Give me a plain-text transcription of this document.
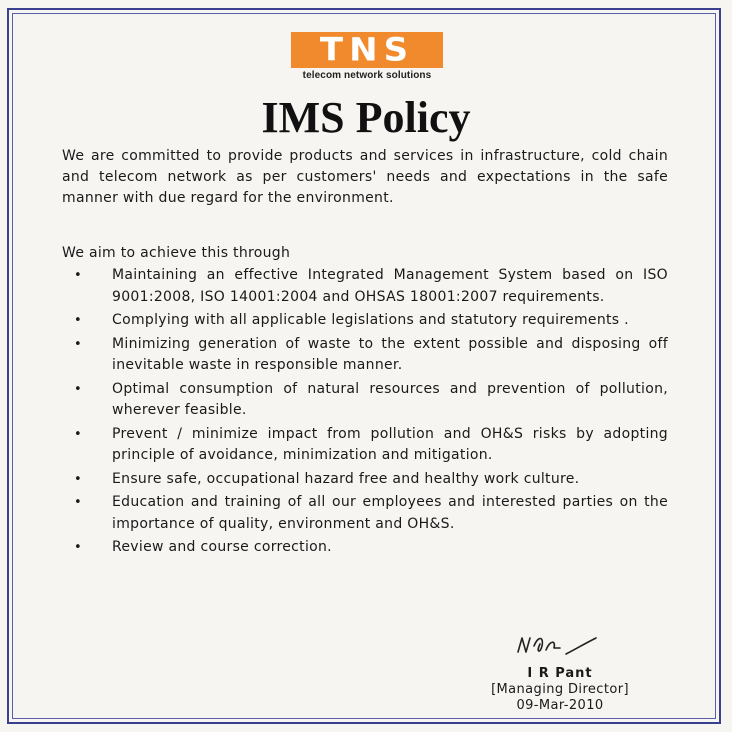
TNS
telecom network solutions
IMS Policy
We are committed to provide products and services in infrastructure, cold chain and telecom network as per customers' needs and expectations in the safe manner with due regard for the environment.
We aim to achieve this through
• Maintaining an effective Integrated Management System based on ISO 9001:2008, ISO 14001:2004 and OHSAS 18001:2007 requirements.
• Complying with all applicable legislations and statutory requirements .
• Minimizing generation of waste to the extent possible and disposing off inevitable waste in responsible manner.
• Optimal consumption of natural resources and prevention of pollution, wherever feasible.
• Prevent / minimize impact from pollution and OH&S risks by adopting principle of avoidance, minimization and mitigation.
• Ensure safe, occupational hazard free and healthy work culture.
• Education and training of all our employees and interested parties on the importance of quality, environment and OH&S.
• Review and course correction.
I R Pant
[Managing Director]
09-Mar-2010
